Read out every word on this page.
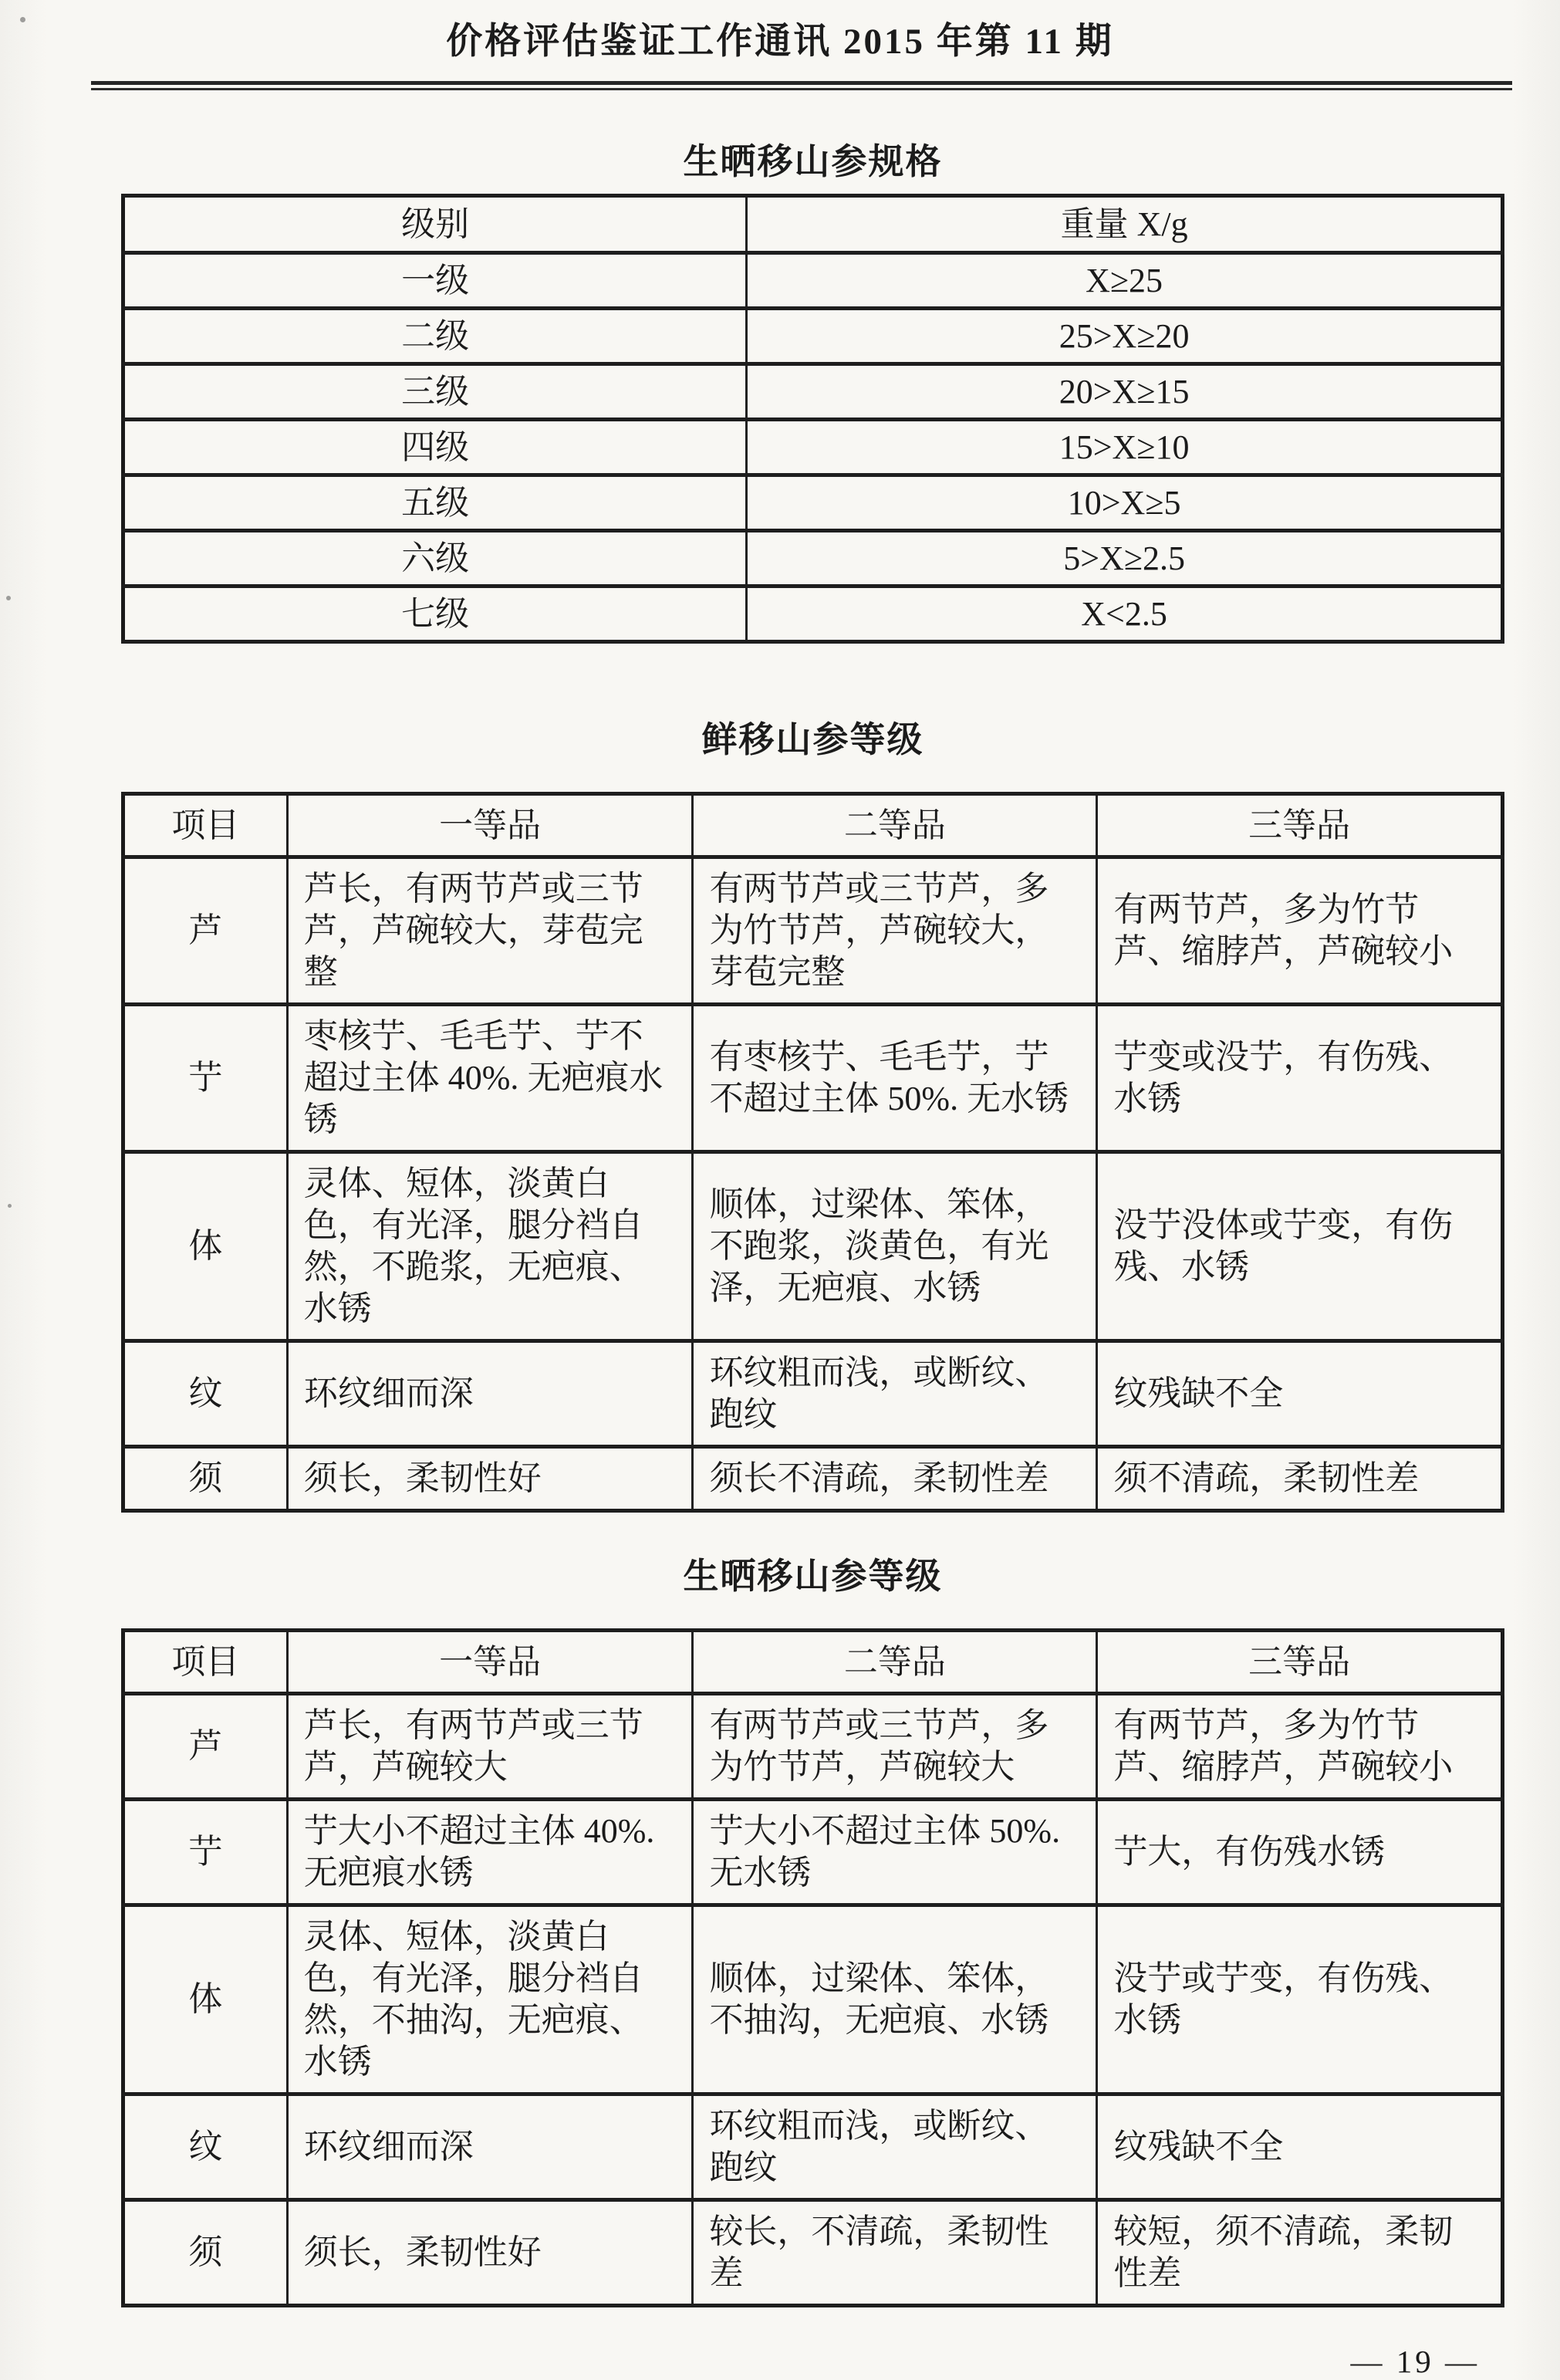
价格评估鉴证工作通讯 2015 年第 11 期
生晒移山参规格
级别	重量 X/g
一级	X≥25
二级	25>X≥20
三级	20>X≥15
四级	15>X≥10
五级	10>X≥5
六级	5>X≥2.5
七级	X<2.5
鲜移山参等级
项目	一等品	二等品	三等品
芦	芦长，有两节芦或三节芦，芦碗较大，芽苞完整	有两节芦或三节芦，多为竹节芦，芦碗较大，芽苞完整	有两节芦，多为竹节芦、缩脖芦，芦碗较小
艼	枣核艼、毛毛艼、艼不超过主体 40%. 无疤痕水锈	有枣核艼、毛毛艼，艼不超过主体 50%. 无水锈	艼变或没艼，有伤残、水锈
体	灵体、短体，淡黄白色，有光泽，腿分裆自然，不跪浆，无疤痕、水锈	顺体，过梁体、笨体，不跑浆，淡黄色，有光泽，无疤痕、水锈	没艼没体或艼变，有伤残、水锈
纹	环纹细而深	环纹粗而浅，或断纹、跑纹	纹残缺不全
须	须长，柔韧性好	须长不清疏，柔韧性差	须不清疏，柔韧性差
生晒移山参等级
项目	一等品	二等品	三等品
芦	芦长，有两节芦或三节芦，芦碗较大	有两节芦或三节芦，多为竹节芦，芦碗较大	有两节芦，多为竹节芦、缩脖芦，芦碗较小
艼	艼大小不超过主体 40%. 无疤痕水锈	艼大小不超过主体 50%. 无水锈	艼大，有伤残水锈
体	灵体、短体，淡黄白色，有光泽，腿分裆自然，不抽沟，无疤痕、水锈	顺体，过梁体、笨体，不抽沟，无疤痕、水锈	没艼或艼变，有伤残、水锈
纹	环纹细而深	环纹粗而浅，或断纹、跑纹	纹残缺不全
须	须长，柔韧性好	较长，不清疏，柔韧性差	较短，须不清疏，柔韧性差
— 19 —
